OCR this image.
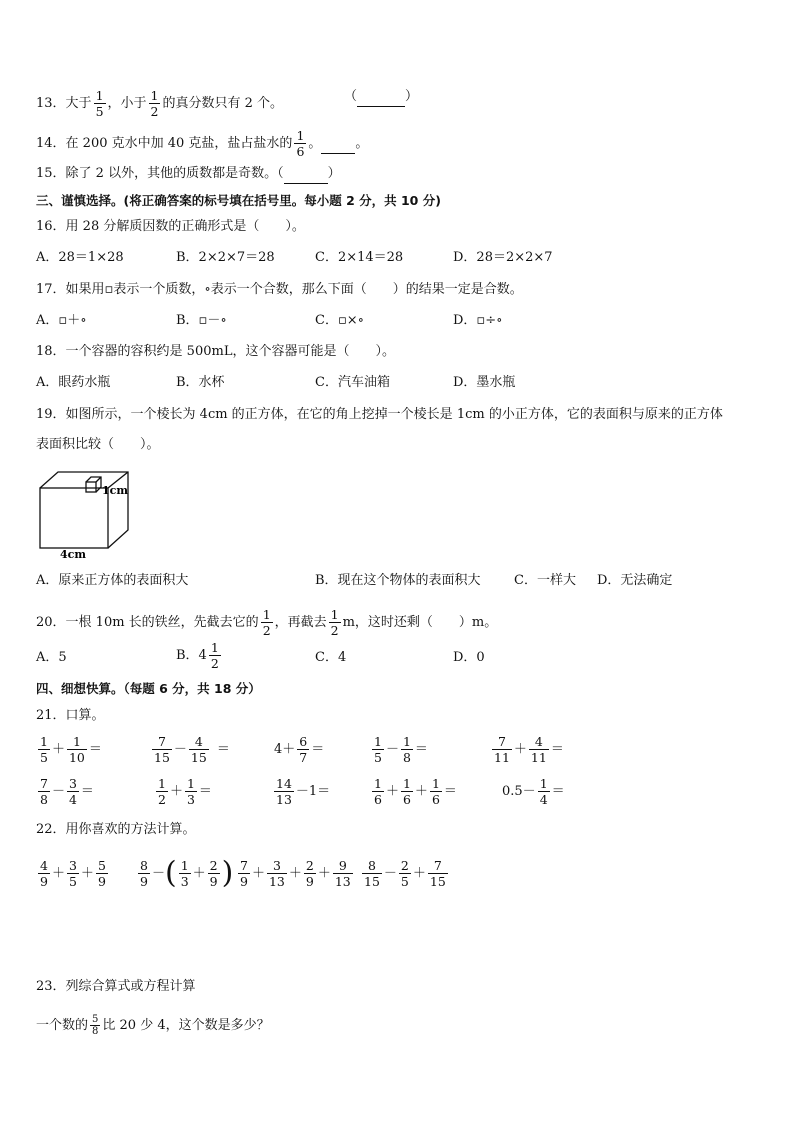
13．大于 $\frac{1}{5}$ ，小于 $\frac{1}{2}$ 的真分数只有 2 个。	（	）
14．在 200 克水中加 40 克盐，盐占盐水的 $\frac{1}{6}$ 。	。
15．除了 2 以外，其他的质数都是奇数。（	）
三、谨慎选择。(将正确答案的标号填在括号里。每小题 2 分，共 10 分)
16．用 28 分解质因数的正确形式是（　　）。
A．28＝1×28	B．2×2×7＝28	C．2×14＝28	D．28＝2×2×7
17．如果用▫表示一个质数，∘表示一个合数，那么下面（　　）的结果一定是合数。
A．▫＋∘	B．▫－∘	C．▫×∘	D．▫÷∘
18．一个容器的容积约是 500mL，这个容器可能是（　　）。
A．眼药水瓶	B．水杯	C．汽车油箱	D．墨水瓶
19．如图所示，一个棱长为 4cm 的正方体，在它的角上挖掉一个棱长是 1cm 的小正方体，它的表面积与原来的正方体
表面积比较（　　）。
1cm
4cm
A．原来正方体的表面积大	B．现在这个物体的表面积大	C．一样大 D．无法确定
20．一根 10m 长的铁丝，先截去它的 $\frac{1}{2}$ ，再截去 $\frac{1}{2}$ m，这时还剩（　　）m。
A．5	B．$4 \frac{1}{2}$	C．4	D．0
四、细想快算。（每题 6 分，共 18 分）
21．口算。
$\frac{1}{5} + \frac{1}{10}$ ＝	$\frac{7}{15} - \frac{4}{15}$ ＝	$4+ \frac{6}{7}$ ＝	$\frac{1}{5} - \frac{1}{8}$ ＝	$\frac{7}{11} + \frac{4}{11}$ ＝
$\frac{7}{8} - \frac{3}{4}$ ＝	$\frac{1}{2} + \frac{1}{3}$ ＝	$\frac{14}{13} -1=$	$\frac{1}{6} + \frac{1}{6} + \frac{1}{6}$ ＝	$0.5- \frac{1}{4}$ ＝
22．用你喜欢的方法计算。
$\frac{4}{9} + \frac{3}{5} + \frac{5}{9} \frac{8}{9}$ －( $\frac{1}{3} + \frac{2}{9}$ ) $\frac{7}{9} + \frac{3}{13} + \frac{2}{9} + \frac{9}{13} \frac{8}{15} - \frac{2}{5} + \frac{7}{15}$
23．列综合算式或方程计算
一个数的 $\frac{5}{8}$ 比 20 少 4，这个数是多少？
